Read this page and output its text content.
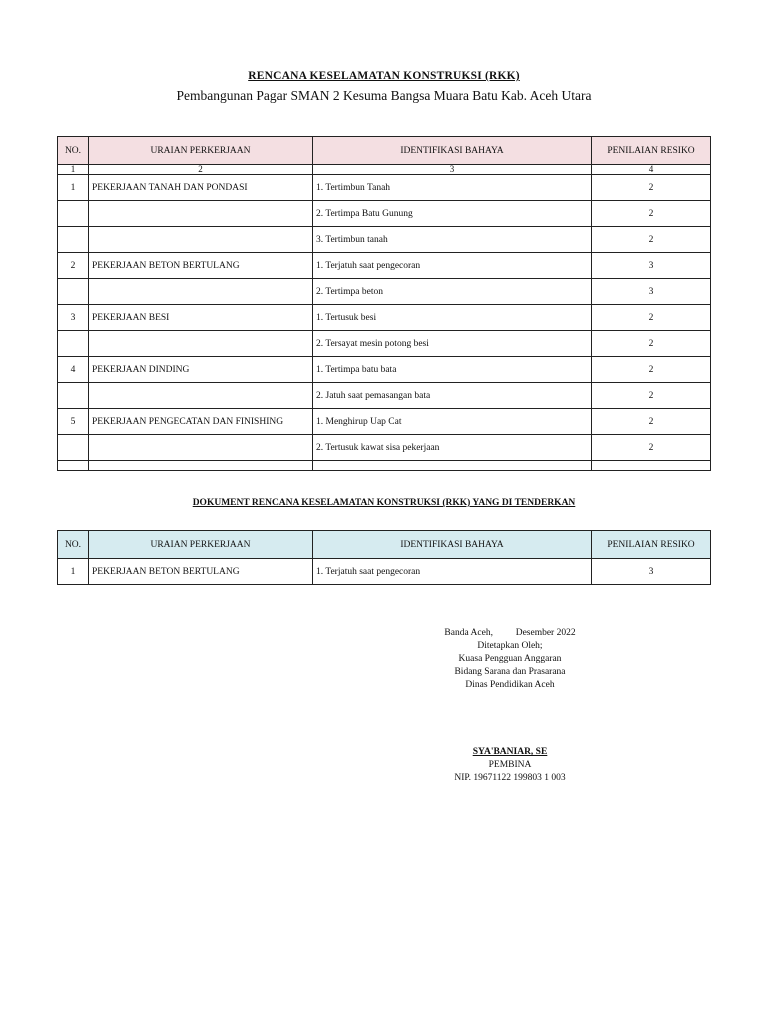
RENCANA KESELAMATAN KONSTRUKSI (RKK)
Pembangunan Pagar SMAN 2 Kesuma Bangsa Muara Batu Kab. Aceh Utara
NO.	URAIAN PERKERJAAN	IDENTIFIKASI BAHAYA	PENILAIAN RESIKO
1	2	3	4
1	PEKERJAAN TANAH DAN PONDASI	1. Tertimbun Tanah	2
		2. Tertimpa Batu Gunung	2
		3. Tertimbun tanah	2
2	PEKERJAAN BETON BERTULANG	1. Terjatuh saat pengecoran	3
		2. Tertimpa beton	3
3	PEKERJAAN BESI	1. Tertusuk besi	2
		2. Tersayat mesin potong besi	2
4	PEKERJAAN DINDING	1. Tertimpa batu bata	2
		2. Jatuh saat pemasangan bata	2
5	PEKERJAAN PENGECATAN DAN FINISHING	1. Menghirup Uap Cat	2
		2. Tertusuk kawat sisa pekerjaan	2

DOKUMENT RENCANA KESELAMATAN KONSTRUKSI (RKK) YANG DI TENDERKAN
NO.	URAIAN PERKERJAAN	IDENTIFIKASI BAHAYA	PENILAIAN RESIKO
1	PEKERJAAN BETON BERTULANG	1. Terjatuh saat pengecoran	3
Banda Aceh, Desember 2022
Ditetapkan Oleh;
Kuasa Pengguan Anggaran
Bidang Sarana dan Prasarana
Dinas Pendidikan Aceh
SYA'BANIAR, SE
PEMBINA
NIP. 19671122 199803 1 003
